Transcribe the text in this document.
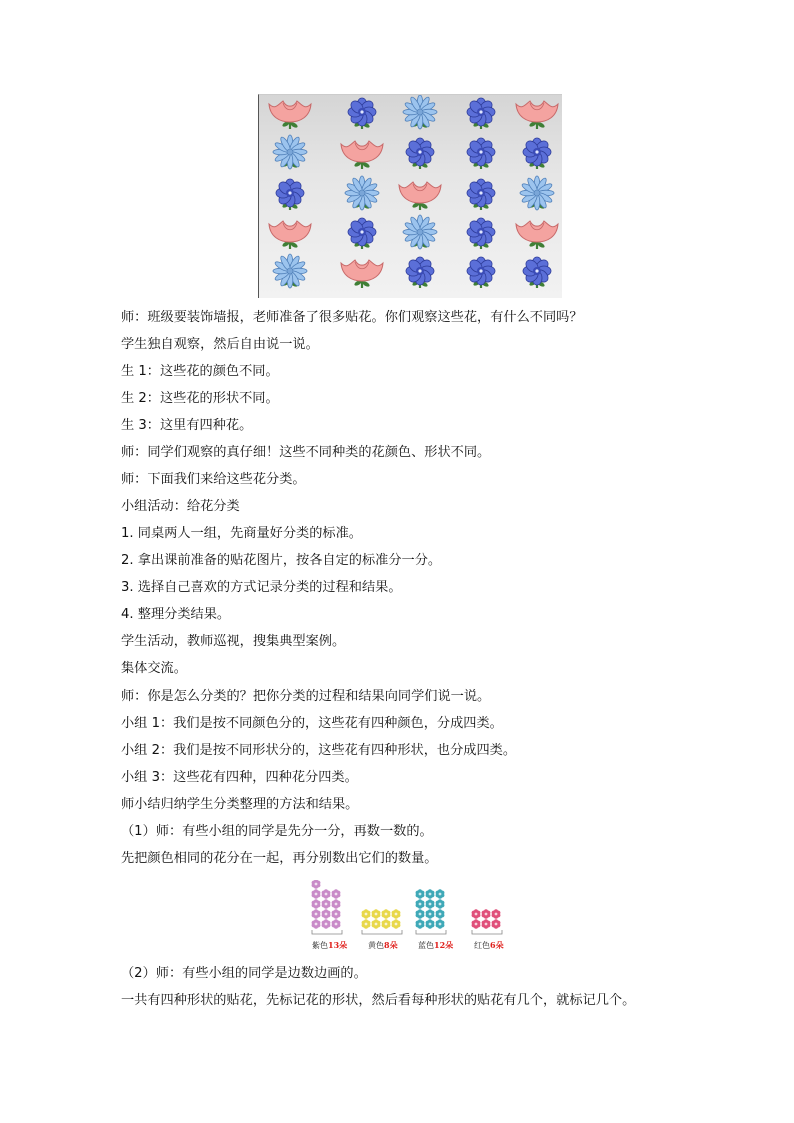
师：班级要装饰墙报，老师准备了很多贴花。你们观察这些花，有什么不同吗？
学生独自观察，然后自由说一说。
生 1：这些花的颜色不同。
生 2：这些花的形状不同。
生 3：这里有四种花。
师：同学们观察的真仔细！这些不同种类的花颜色、形状不同。
师：下面我们来给这些花分类。
小组活动：给花分类
1. 同桌两人一组，先商量好分类的标准。
2. 拿出课前准备的贴花图片，按各自定的标准分一分。
3. 选择自己喜欢的方式记录分类的过程和结果。
4. 整理分类结果。
学生活动，教师巡视，搜集典型案例。
集体交流。
师：你是怎么分类的？把你分类的过程和结果向同学们说一说。
小组 1：我们是按不同颜色分的，这些花有四种颜色，分成四类。
小组 2：我们是按不同形状分的，这些花有四种形状，也分成四类。
小组 3：这些花有四种，四种花分四类。
师小结归纳学生分类整理的方法和结果。
（1）师：有些小组的同学是先分一分，再数一数的。
先把颜色相同的花分在一起，再分别数出它们的数量。
紫色13朵	黄色8朵	蓝色12朵	红色6朵
（2）师：有些小组的同学是边数边画的。
一共有四种形状的贴花，先标记花的形状，然后看每种形状的贴花有几个，就标记几个。
